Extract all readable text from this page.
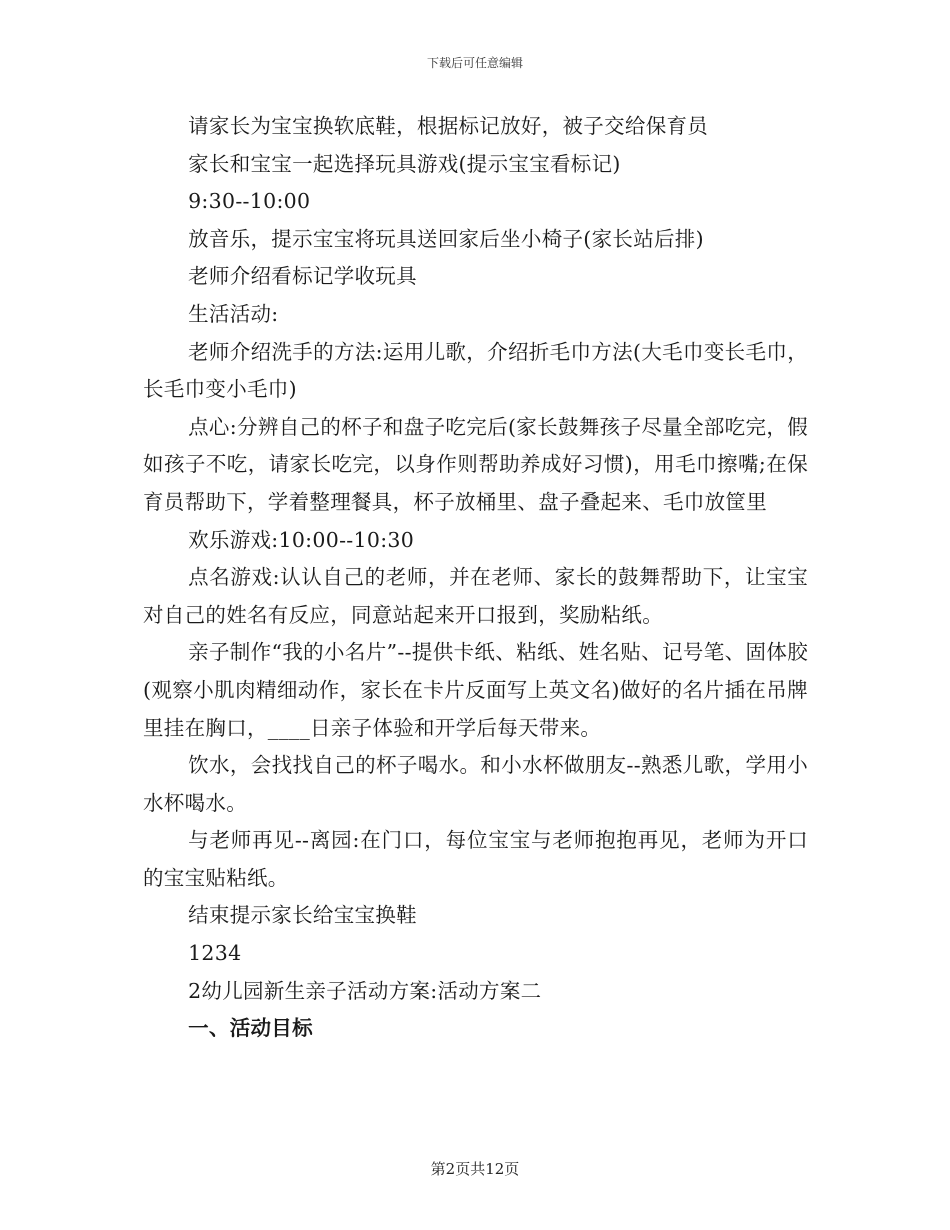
下载后可任意编辑

请家长为宝宝换软底鞋，根据标记放好，被子交给保育员

家长和宝宝一起选择玩具游戏(提示宝宝看标记)

9:30--10:00

放音乐，提示宝宝将玩具送回家后坐小椅子(家长站后排)

老师介绍看标记学收玩具

生活活动:

老师介绍洗手的方法:运用儿歌，介绍折毛巾方法(大毛巾变长毛巾，长毛巾变小毛巾)

点心:分辨自己的杯子和盘子吃完后(家长鼓舞孩子尽量全部吃完，假如孩子不吃，请家长吃完，以身作则帮助养成好习惯)，用毛巾擦嘴;在保育员帮助下，学着整理餐具，杯子放桶里、盘子叠起来、毛巾放筐里

欢乐游戏:10:00--10:30

点名游戏:认认自己的老师，并在老师、家长的鼓舞帮助下，让宝宝对自己的姓名有反应，同意站起来开口报到，奖励粘纸。

亲子制作“我的小名片”--提供卡纸、粘纸、姓名贴、记号笔、固体胶(观察小肌肉精细动作，家长在卡片反面写上英文名)做好的名片插在吊牌里挂在胸口，____日亲子体验和开学后每天带来。

饮水，会找找自己的杯子喝水。和小水杯做朋友--熟悉儿歌，学用小水杯喝水。

与老师再见--离园:在门口，每位宝宝与老师抱抱再见，老师为开口的宝宝贴粘纸。

结束提示家长给宝宝换鞋

1234

2幼儿园新生亲子活动方案:活动方案二

一、活动目标

第2页共12页
